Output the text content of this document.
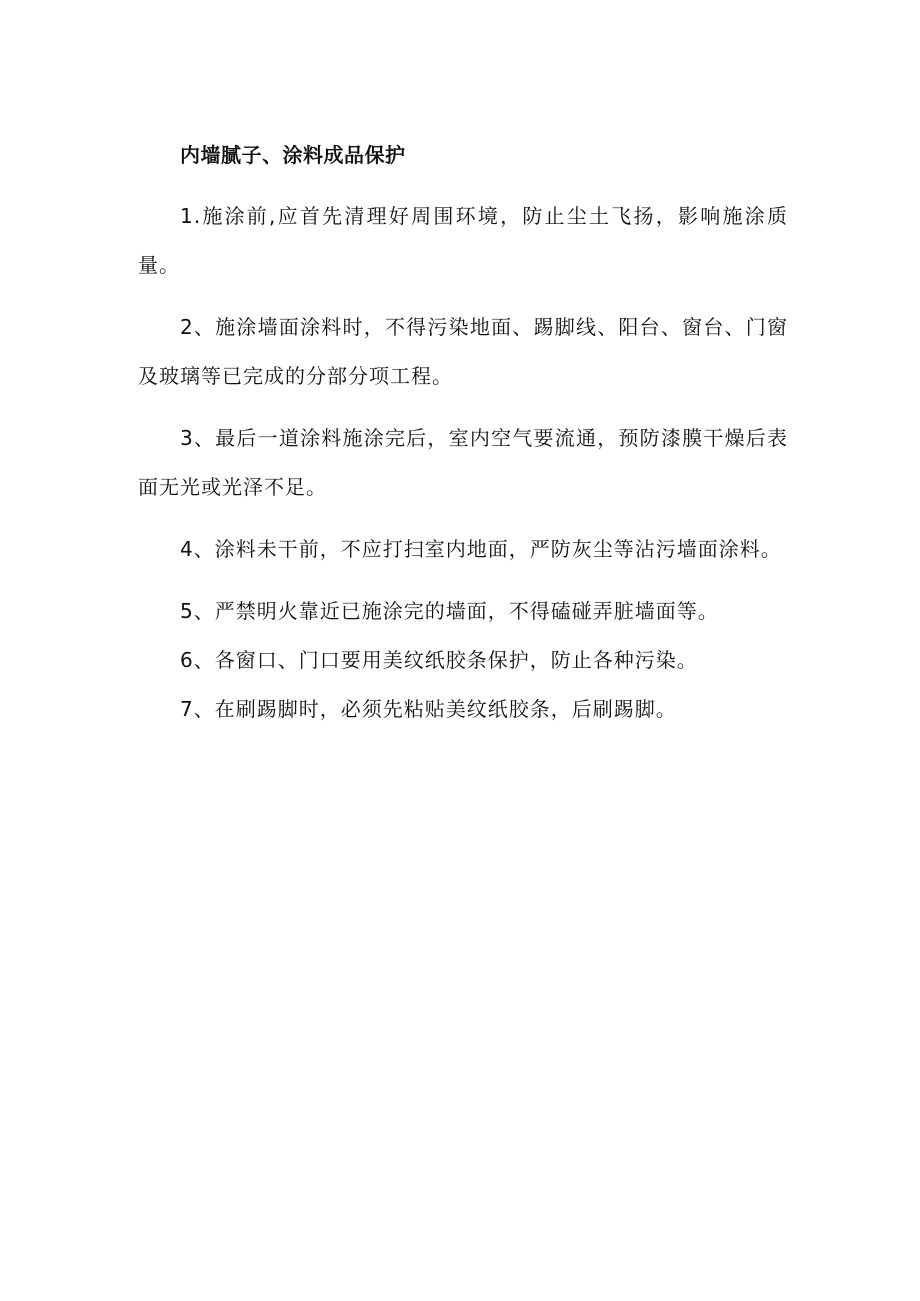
内墙腻子、涂料成品保护
1.施涂前,应首先清理好周围环境，防止尘土飞扬，影响施涂质量。
2、施涂墙面涂料时，不得污染地面、踢脚线、阳台、窗台、门窗及玻璃等已完成的分部分项工程。
3、最后一道涂料施涂完后，室内空气要流通，预防漆膜干燥后表面无光或光泽不足。
4、涂料未干前，不应打扫室内地面，严防灰尘等沾污墙面涂料。
5、严禁明火靠近已施涂完的墙面，不得磕碰弄脏墙面等。
6、各窗口、门口要用美纹纸胶条保护，防止各种污染。
7、在刷踢脚时，必须先粘贴美纹纸胶条，后刷踢脚。
